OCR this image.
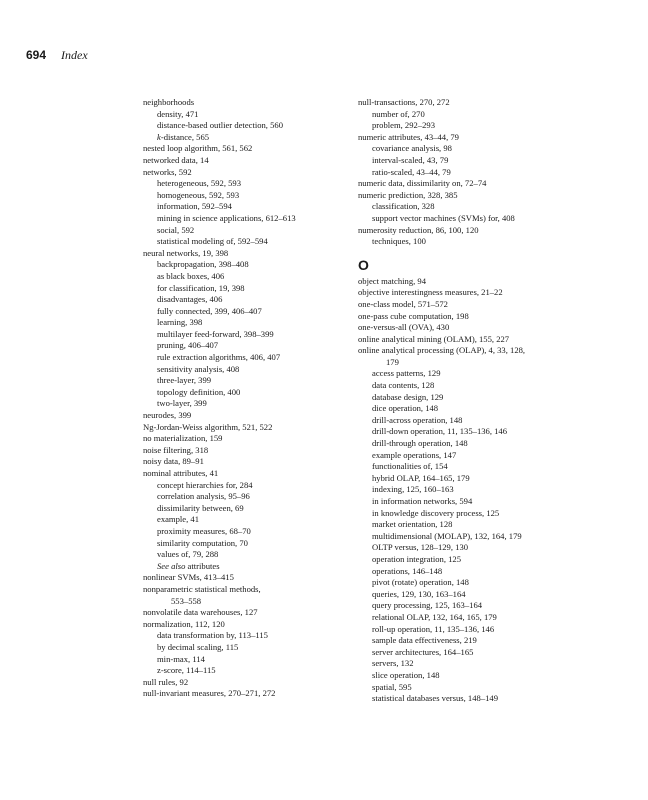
694 Index
neighborhoods
density, 471
distance-based outlier detection, 560
k-distance, 565
nested loop algorithm, 561, 562
networked data, 14
networks, 592
heterogeneous, 592, 593
homogeneous, 592, 593
information, 592–594
mining in science applications, 612–613
social, 592
statistical modeling of, 592–594
neural networks, 19, 398
backpropagation, 398–408
as black boxes, 406
for classification, 19, 398
disadvantages, 406
fully connected, 399, 406–407
learning, 398
multilayer feed-forward, 398–399
pruning, 406–407
rule extraction algorithms, 406, 407
sensitivity analysis, 408
three-layer, 399
topology definition, 400
two-layer, 399
neurodes, 399
Ng-Jordan-Weiss algorithm, 521, 522
no materialization, 159
noise filtering, 318
noisy data, 89–91
nominal attributes, 41
concept hierarchies for, 284
correlation analysis, 95–96
dissimilarity between, 69
example, 41
proximity measures, 68–70
similarity computation, 70
values of, 79, 288
See also attributes
nonlinear SVMs, 413–415
nonparametric statistical methods,
553–558
nonvolatile data warehouses, 127
normalization, 112, 120
data transformation by, 113–115
by decimal scaling, 115
min-max, 114
z-score, 114–115
null rules, 92
null-invariant measures, 270–271, 272
null-transactions, 270, 272
number of, 270
problem, 292–293
numeric attributes, 43–44, 79
covariance analysis, 98
interval-scaled, 43, 79
ratio-scaled, 43–44, 79
numeric data, dissimilarity on, 72–74
numeric prediction, 328, 385
classification, 328
support vector machines (SVMs) for, 408
numerosity reduction, 86, 100, 120
techniques, 100
O
object matching, 94
objective interestingness measures, 21–22
one-class model, 571–572
one-pass cube computation, 198
one-versus-all (OVA), 430
online analytical mining (OLAM), 155, 227
online analytical processing (OLAP), 4, 33, 128,
179
access patterns, 129
data contents, 128
database design, 129
dice operation, 148
drill-across operation, 148
drill-down operation, 11, 135–136, 146
drill-through operation, 148
example operations, 147
functionalities of, 154
hybrid OLAP, 164–165, 179
indexing, 125, 160–163
in information networks, 594
in knowledge discovery process, 125
market orientation, 128
multidimensional (MOLAP), 132, 164, 179
OLTP versus, 128–129, 130
operation integration, 125
operations, 146–148
pivot (rotate) operation, 148
queries, 129, 130, 163–164
query processing, 125, 163–164
relational OLAP, 132, 164, 165, 179
roll-up operation, 11, 135–136, 146
sample data effectiveness, 219
server architectures, 164–165
servers, 132
slice operation, 148
spatial, 595
statistical databases versus, 148–149
